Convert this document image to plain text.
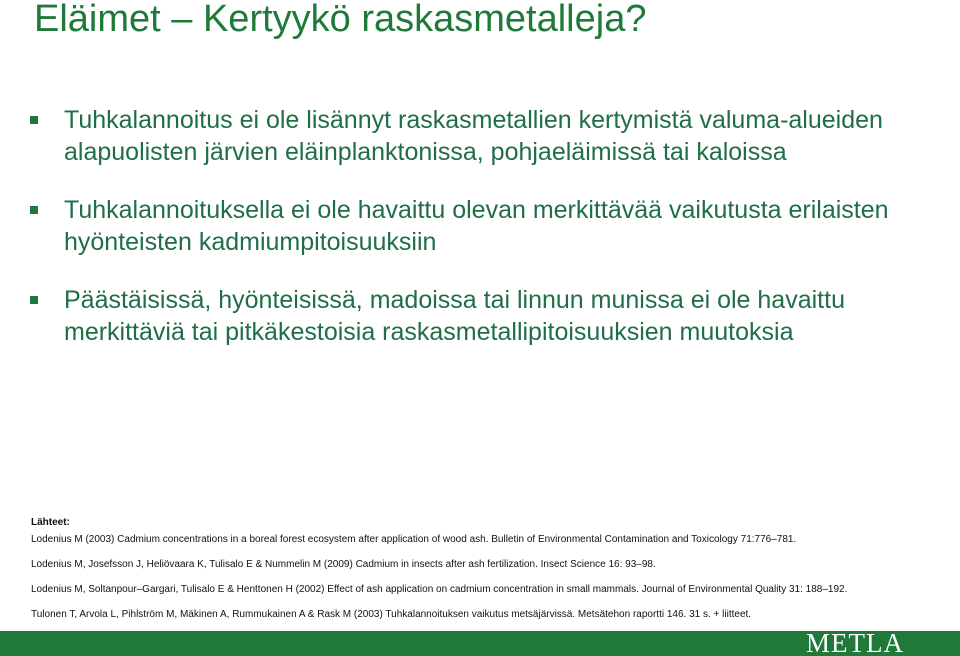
Eläimet – Kertyykö raskasmetalleja?
Tuhkalannoitus ei ole lisännyt raskasmetallien kertymistä valuma-alueiden alapuolisten järvien eläinplanktonissa, pohjaeläimissä tai kaloissa
Tuhkalannoituksella ei ole havaittu olevan merkittävää vaikutusta erilaisten hyönteisten kadmiumpitoisuuksiin
Päästäisissä, hyönteisissä, madoissa tai linnun munissa ei ole havaittu merkittäviä tai pitkäkestoisia raskasmetallipitoisuuksien muutoksia
Lähteet:
Lodenius M (2003) Cadmium concentrations in a boreal forest ecosystem after application of wood ash. Bulletin of Environmental Contamination and Toxicology 71:776–781.
Lodenius M, Josefsson J, Heliövaara K, Tulisalo E & Nummelin M (2009) Cadmium in insects after ash fertilization. Insect Science 16: 93–98.
Lodenius M, Soltanpour–Gargari, Tulisalo E & Henttonen H (2002) Effect of ash application on cadmium concentration in small mammals. Journal of Environmental Quality 31: 188–192.
Tulonen T, Arvola L, Pihlström M, Mäkinen A, Rummukainen A & Rask M (2003) Tuhkalannoituksen vaikutus metsäjärvissä. Metsätehon raportti 146. 31 s. + liitteet.
METLA
